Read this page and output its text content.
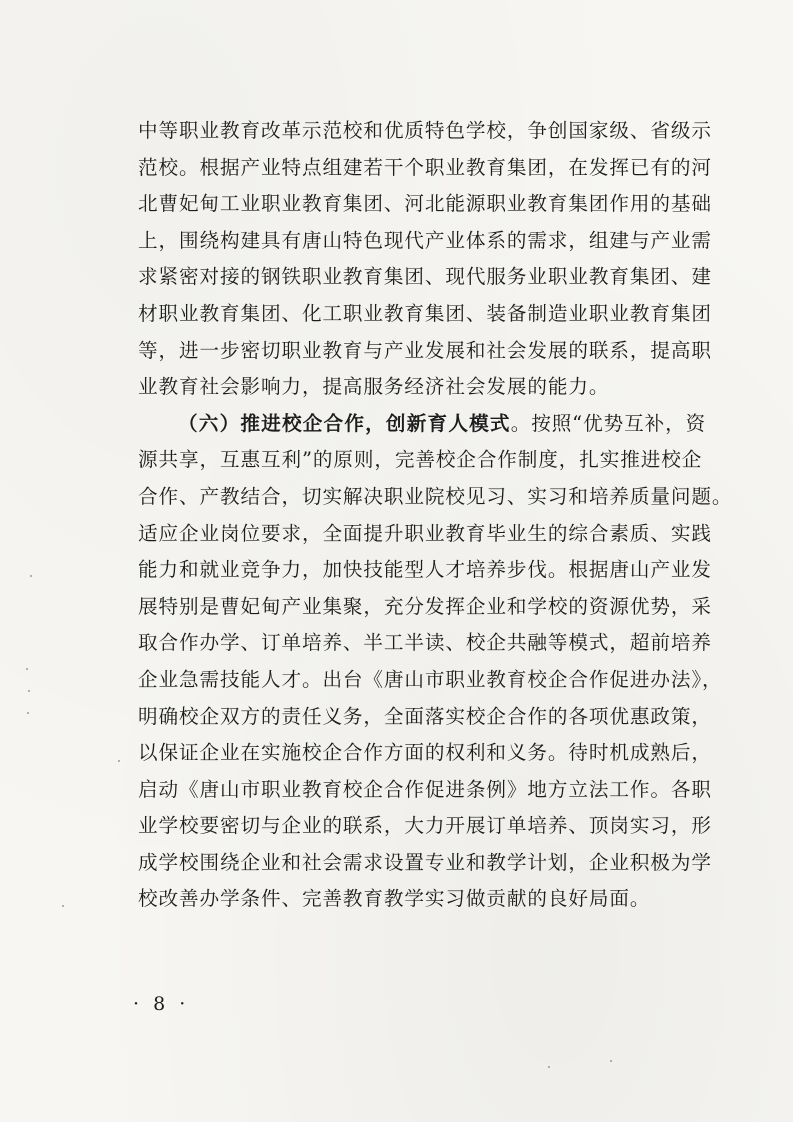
中等职业教育改革示范校和优质特色学校，争创国家级、省级示
范校。根据产业特点组建若干个职业教育集团，在发挥已有的河
北曹妃甸工业职业教育集团、河北能源职业教育集团作用的基础
上，围绕构建具有唐山特色现代产业体系的需求，组建与产业需
求紧密对接的钢铁职业教育集团、现代服务业职业教育集团、建
材职业教育集团、化工职业教育集团、装备制造业职业教育集团
等，进一步密切职业教育与产业发展和社会发展的联系，提高职
业教育社会影响力，提高服务经济社会发展的能力。
（六）推进校企合作，创新育人模式。按照“优势互补，资
源共享，互惠互利”的原则，完善校企合作制度，扎实推进校企
合作、产教结合，切实解决职业院校见习、实习和培养质量问题。
适应企业岗位要求，全面提升职业教育毕业生的综合素质、实践
能力和就业竞争力，加快技能型人才培养步伐。根据唐山产业发
展特别是曹妃甸产业集聚，充分发挥企业和学校的资源优势，采
取合作办学、订单培养、半工半读、校企共融等模式，超前培养
企业急需技能人才。出台《唐山市职业教育校企合作促进办法》，
明确校企双方的责任义务，全面落实校企合作的各项优惠政策，
以保证企业在实施校企合作方面的权利和义务。待时机成熟后，
启动《唐山市职业教育校企合作促进条例》地方立法工作。各职
业学校要密切与企业的联系，大力开展订单培养、顶岗实习，形
成学校围绕企业和社会需求设置专业和教学计划，企业积极为学
校改善办学条件、完善教育教学实习做贡献的良好局面。
· 8 ·
